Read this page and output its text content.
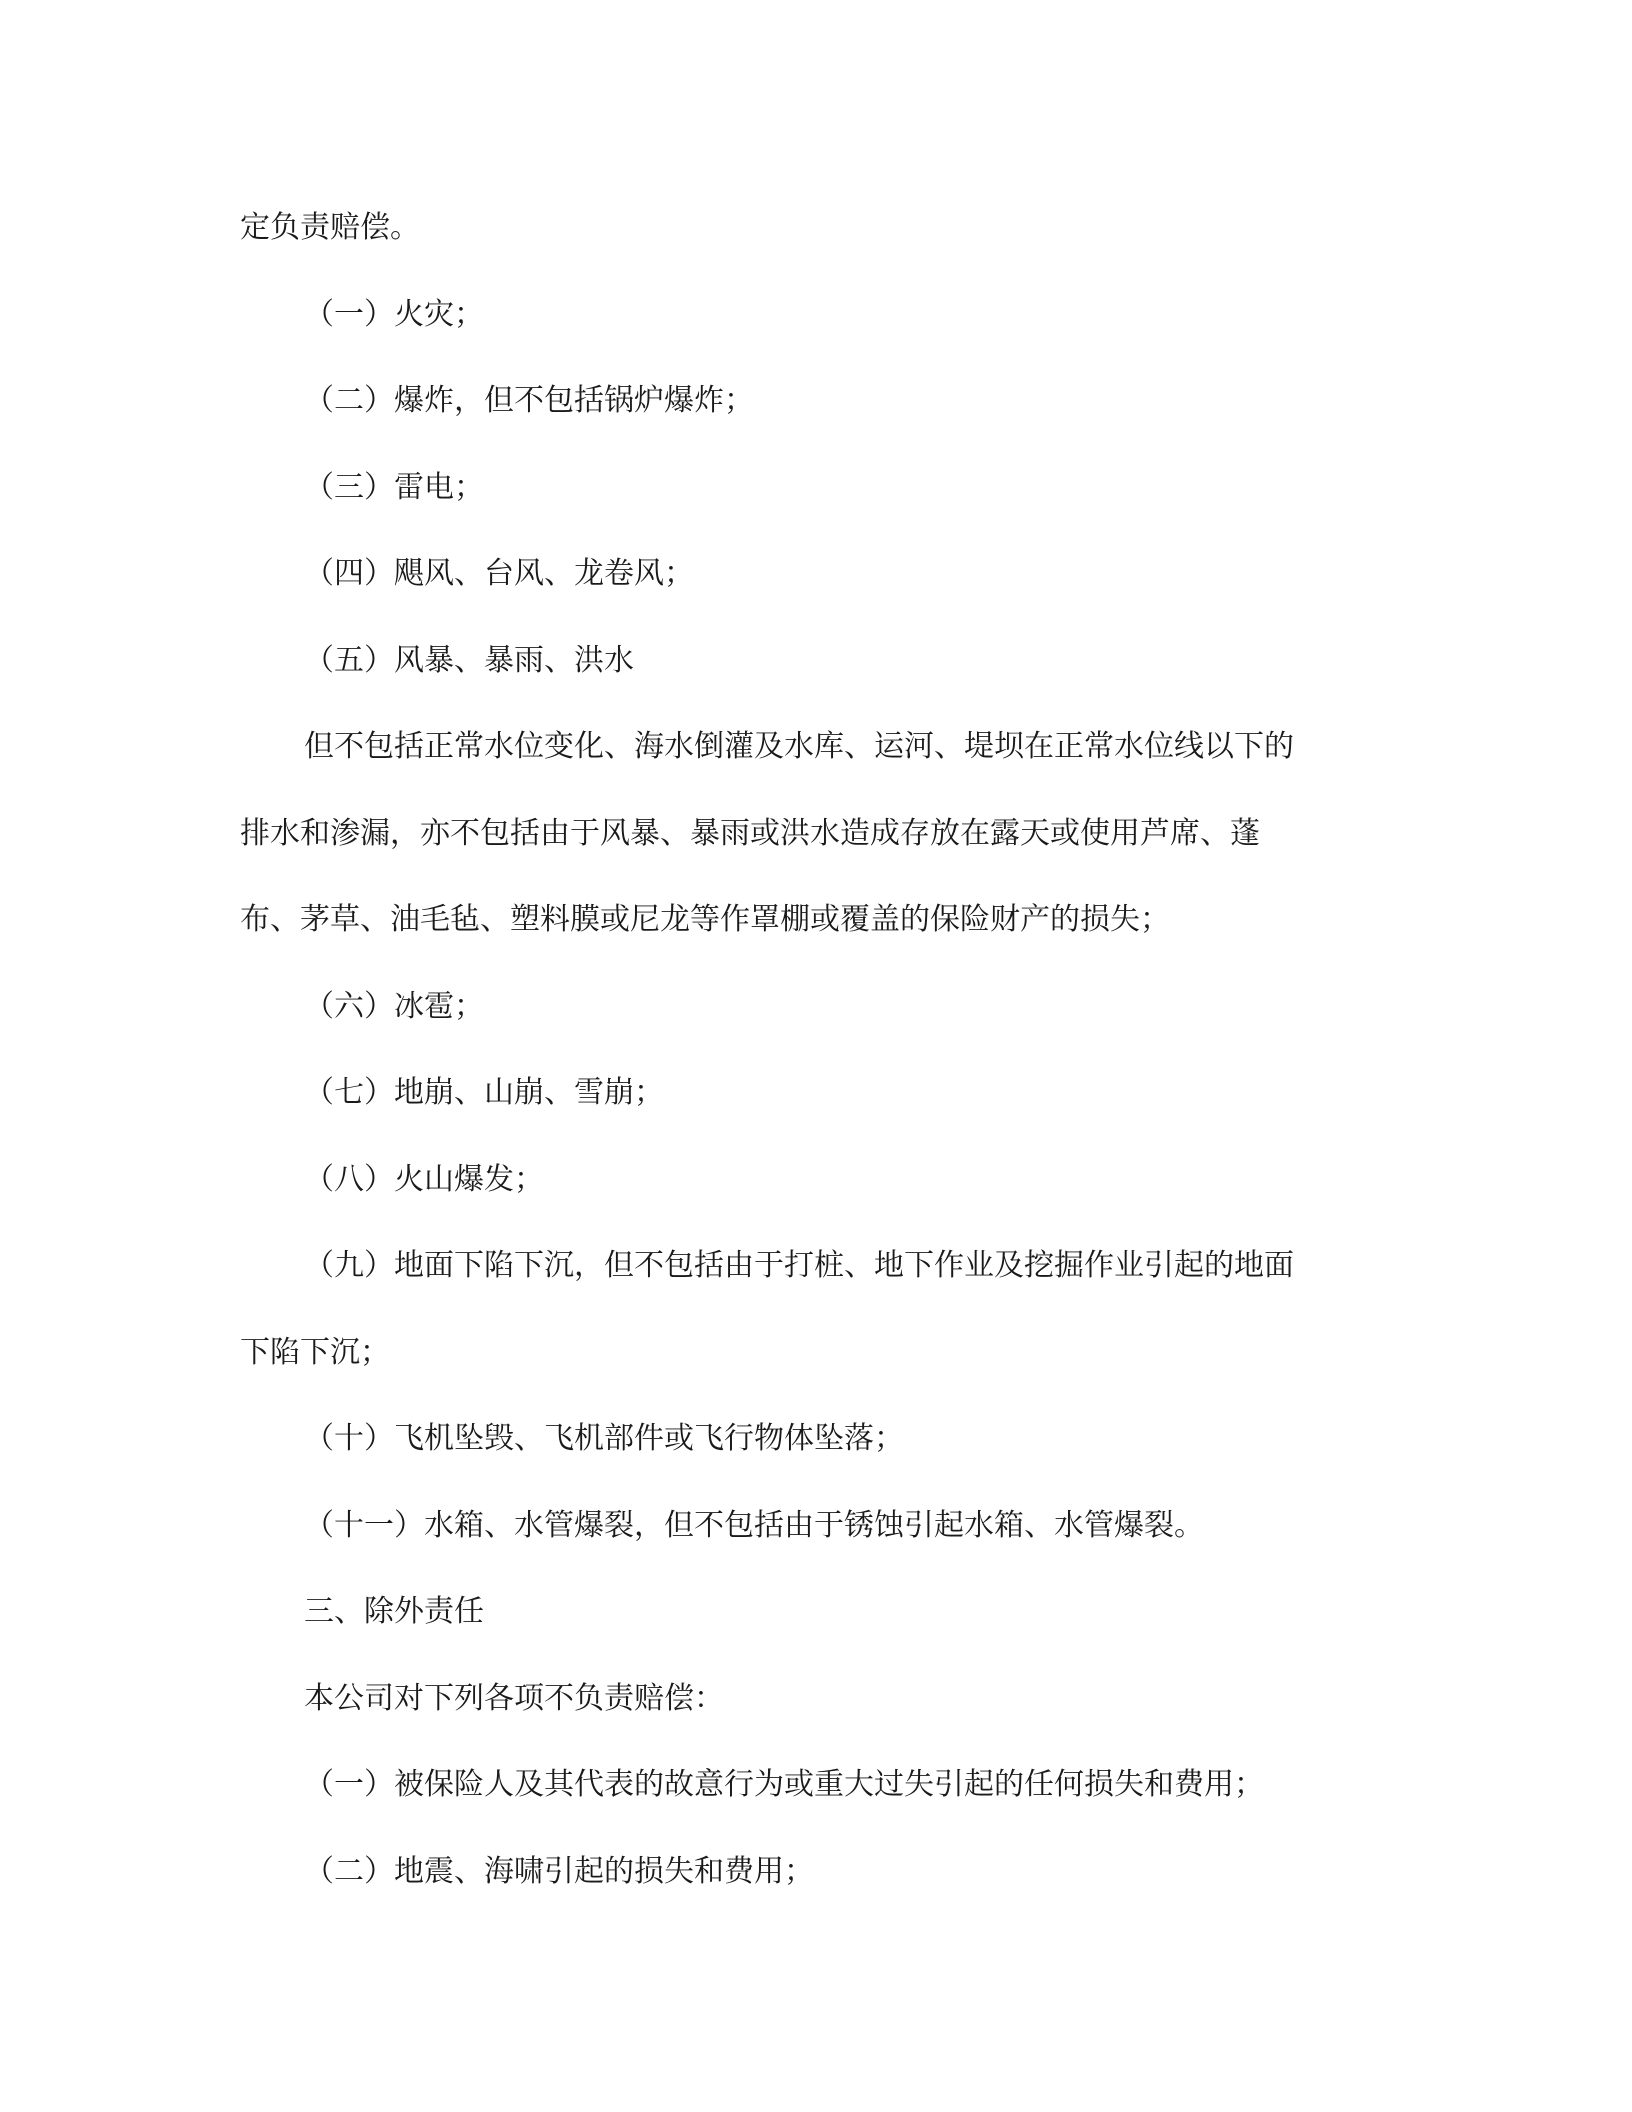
定负责赔偿。
（一）火灾；
（二）爆炸，但不包括锅炉爆炸；
（三）雷电；
（四）飓风、台风、龙卷风；
（五）风暴、暴雨、洪水
但不包括正常水位变化、海水倒灌及水库、运河、堤坝在正常水位线以下的
排水和渗漏，亦不包括由于风暴、暴雨或洪水造成存放在露天或使用芦席、蓬
布、茅草、油毛毡、塑料膜或尼龙等作罩棚或覆盖的保险财产的损失；
（六）冰雹；
（七）地崩、山崩、雪崩；
（八）火山爆发；
（九）地面下陷下沉，但不包括由于打桩、地下作业及挖掘作业引起的地面
下陷下沉；
（十）飞机坠毁、飞机部件或飞行物体坠落；
（十一）水箱、水管爆裂，但不包括由于锈蚀引起水箱、水管爆裂。
三、除外责任
本公司对下列各项不负责赔偿：
（一）被保险人及其代表的故意行为或重大过失引起的任何损失和费用；
（二）地震、海啸引起的损失和费用；
